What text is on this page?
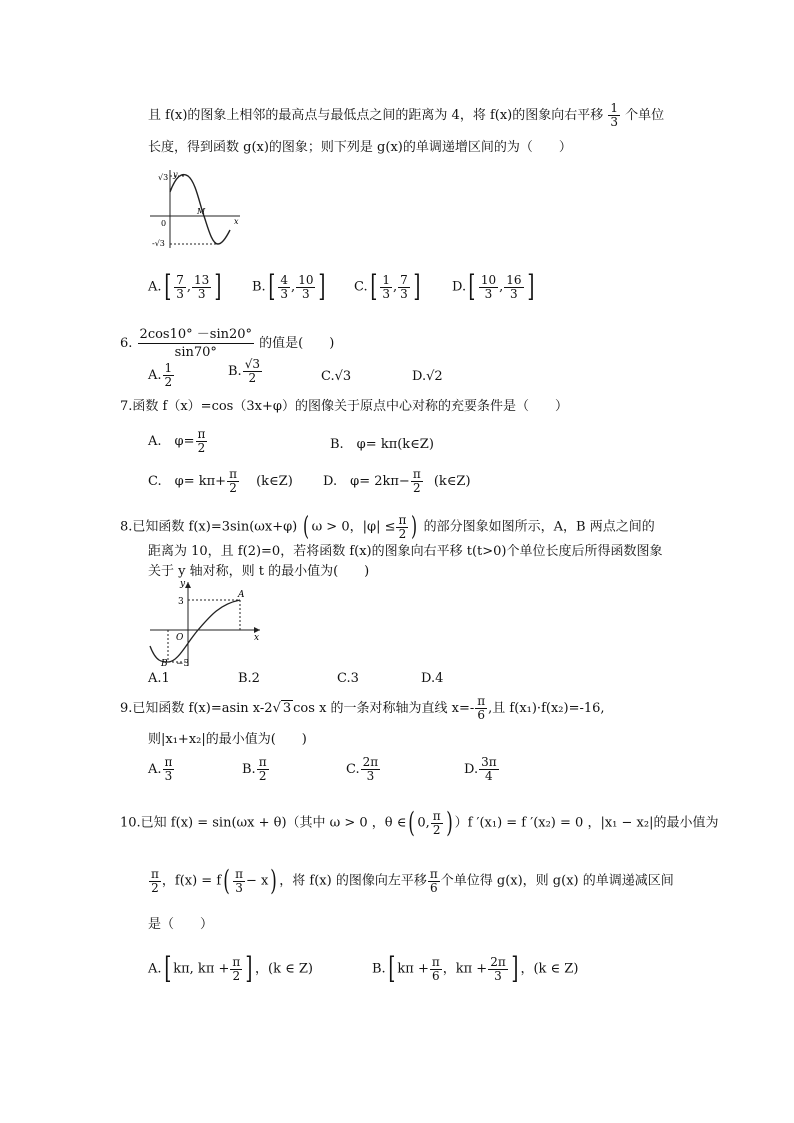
且 f(x)的图象上相邻的最高点与最低点之间的距离为 4，将 f(x)的图象向右平移 $\frac{1}{3}$ 个单位
长度，得到函数 g(x)的图象；则下列是 g(x)的单调递增区间的为（　　）
√3
-√3
0
M
x
y
$A.[ \frac{7}{3}$ , $\frac{13}{3}$ ] $B.[ \frac{4}{3}$ , $\frac{10}{3}$ ] $C.[ \frac{1}{3}$ , $\frac{7}{3}$ ] $D.[ \frac{10}{3}$ , $\frac{16}{3}$ ]
6. $\frac{2\cos 10^\circ -\sin 20^\circ}{\sin 70^\circ}$ 的值是(　　)
A. $\frac{1}{2}$	B. $\frac{√3}{2}$	C.√3	D.√2
7.函数 f（x）=cos（3x+φ）的图像关于原点中心对称的充要条件是（　　）
A.　$\varphi= \frac{\pi}{2}$	B.　φ= kπ(k∈Z)
C.　$\varphi= k\pi+ \frac{\pi}{2}$ (k∈Z) D.　$\varphi= 2k\pi- \frac{\pi}{2}$ (k∈Z)
8.已知函数 f(x)=3sin(ωx+φ) ( ω > 0，$|\varphi| \le \frac{\pi}{2}$ ) 的部分图象如图所示，A，B 两点之间的
距离为 10，且 f(2)=0，若将函数 f(x)的图象向右平移 t(t>0)个单位长度后所得函数图象
关于 y 轴对称，则 t 的最小值为(　　)
y
x
3
−3
O
A
B
A.1	B.2	C.3	D.4
9.已知函数 f(x)=asin x-2√ 3 cos x 的一条对称轴为直线 $x=- \frac{\pi}{6}$ ,且 f(x₁)·f(x₂)=-16,
则|x₁+x₂|的最小值为(　　)
A. $\frac{\pi}{3}$	B. $\frac{\pi}{2}$	C. $\frac{2\pi}{3}$	D. $\frac{3\pi}{4}$
10.已知 f(x) = sin(ωx + θ)（其中 ω > 0 ，θ ∈( 0, $\frac{\pi}{2}$ ) ）f ′(x₁) = f ′(x₂) = 0 ，|x₁ − x₂|的最小值为
$\frac{\pi}{2}$ ，$f(x) = f( \frac{\pi}{3} - x)$ ，将 f(x) 的图像向左平移 $\frac{\pi}{6}$ 个单位得 g(x)，则 g(x) 的单调递减区间
是（　　）
A.[ kπ, $k\pi + \frac{\pi}{2}$ ] ，(k ∈ Z)	B.[ $k\pi + \frac{\pi}{6}$ ，$k\pi + \frac{2\pi}{3}$ ] ，(k ∈ Z)
